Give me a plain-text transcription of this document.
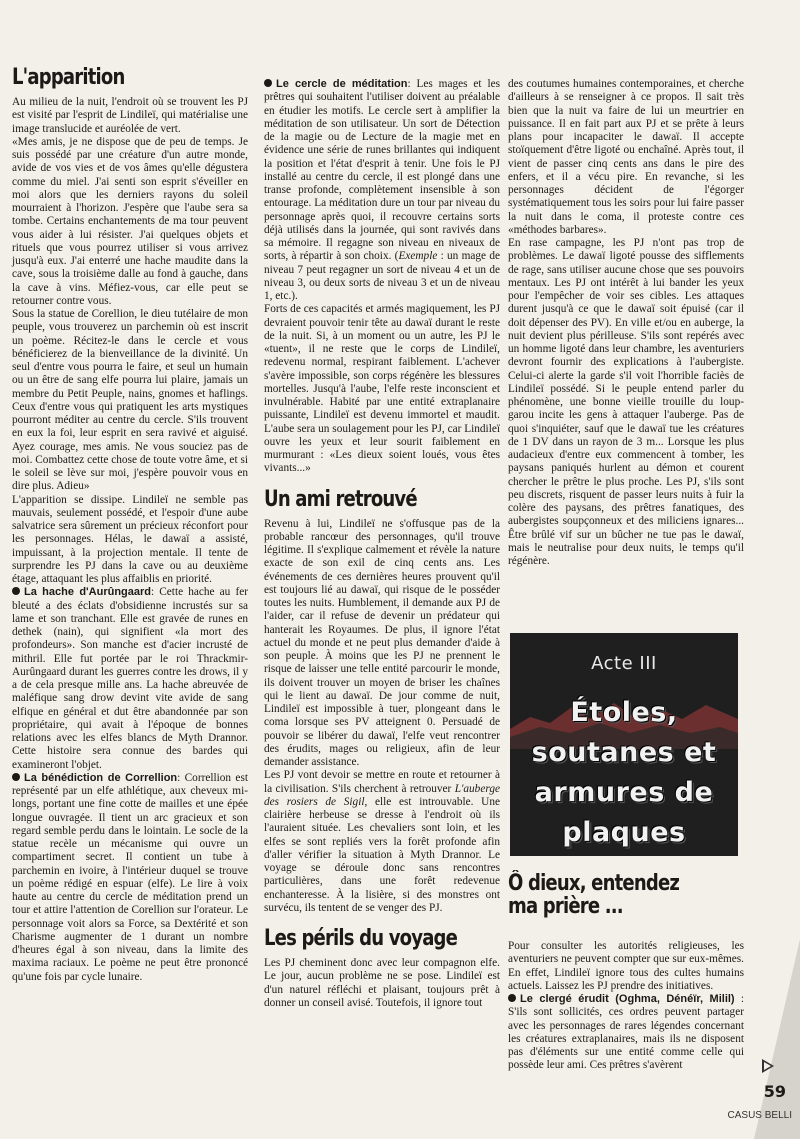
L'apparition

Au milieu de la nuit, l'endroit où se trouvent les PJ est visité par l'esprit de Lindileï, qui matérialise une image translucide et auréolée de vert.

«Mes amis, je ne dispose que de peu de temps. Je suis possédé par une créature d'un autre monde, avide de vos vies et de vos âmes qu'elle dégustera comme du miel. J'ai senti son esprit s'éveiller en moi alors que les derniers rayons du soleil mourraient à l'horizon. J'espère que l'aube sera sa tombe. Certains enchantements de ma tour peuvent vous aider à lui résister. J'ai quelques objets et rituels que vous pourrez utiliser si vous arrivez jusqu'à eux. J'ai enterré une hache maudite dans la cave, sous la troisième dalle au fond à gauche, dans la cave à vins. Méfiez-vous, car elle peut se retourner contre vous.

Sous la statue de Corellion, le dieu tutélaire de mon peuple, vous trouverez un parchemin où est inscrit un poème. Récitez-le dans le cercle et vous bénéficierez de la bienveillance de la divinité. Un seul d'entre vous pourra le faire, et seul un humain ou un être de sang elfe pourra lui plaire, jamais un membre du Petit Peuple, nains, gnomes et haflings. Ceux d'entre vous qui pratiquent les arts mystiques pourront méditer au centre du cercle. S'ils trouvent en eux la foi, leur esprit en sera ravivé et aiguisé. Ayez courage, mes amis. Ne vous souciez pas de moi. Combattez cette chose de toute votre âme, et si le soleil se lève sur moi, j'espère pouvoir vous en dire plus. Adieu»

L'apparition se dissipe. Lindileï ne semble pas mauvais, seulement possédé, et l'espoir d'une aube salvatrice sera sûrement un précieux réconfort pour les personnages. Hélas, le dawaï a assisté, impuissant, à la projection mentale. Il tente de surprendre les PJ dans la cave ou au deuxième étage, attaquant les plus affaiblis en priorité.

La hache d'Aurûngaard: Cette hache au fer bleuté a des éclats d'obsidienne incrustés sur sa lame et son tranchant. Elle est gravée de runes en dethek (nain), qui signifient «la mort des profondeurs». Son manche est d'acier incrusté de mithril. Elle fut portée par le roi Thrackmir-Aurûngaard durant les guerres contre les drows, il y a de cela presque mille ans. La hache abreuvée de maléfique sang drow devint vite avide de sang elfique en général et dut être abandonnée par son propriétaire, qui avait à l'époque de bonnes relations avec les elfes blancs de Myth Drannor. Cette histoire sera connue des bardes qui examineront l'objet.

La bénédiction de Correllion: Correllion est représenté par un elfe athlétique, aux cheveux mi-longs, portant une fine cotte de mailles et une épée longue ouvragée. Il tient un arc gracieux et son regard semble perdu dans le lointain. Le socle de la statue recèle un mécanisme qui ouvre un compartiment secret. Il contient un tube à parchemin en ivoire, à l'intérieur duquel se trouve un poème rédigé en espuar (elfe). Le lire à voix haute au centre du cercle de méditation prend un tour et attire l'attention de Corellion sur l'orateur. Le personnage voit alors sa Force, sa Dextérité et son Charisme augmenter de 1 durant un nombre d'heures égal à son niveau, dans la limite des maxima raciaux. Le poème ne peut être prononcé qu'une fois par cycle lunaire.

Le cercle de méditation: Les mages et les prêtres qui souhaitent l'utiliser doivent au préalable en étudier les motifs. Le cercle sert à amplifier la méditation de son utilisateur. Un sort de Détection de la magie ou de Lecture de la magie met en évidence une série de runes brillantes qui indiquent la position et l'état d'esprit à tenir. Une fois le PJ installé au centre du cercle, il est plongé dans une transe profonde, complètement insensible à son entourage. La méditation dure un tour par niveau du personnage après quoi, il recouvre certains sorts déjà utilisés dans la journée, qui sont ravivés dans sa mémoire. Il regagne son niveau en niveaux de sorts, à répartir à son choix. (Exemple : un mage de niveau 7 peut regagner un sort de niveau 4 et un de niveau 3, ou deux sorts de niveau 3 et un de niveau 1, etc.).

Forts de ces capacités et armés magiquement, les PJ devraient pouvoir tenir tête au dawaï durant le reste de la nuit. Si, à un moment ou un autre, les PJ le «tuent», il ne reste que le corps de Lindileï, redevenu normal, respirant faiblement. L'achever s'avère impossible, son corps régénère les blessures mortelles. Jusqu'à l'aube, l'elfe reste inconscient et invulnérable. Habité par une entité extraplanaire puissante, Lindileï est devenu immortel et maudit. L'aube sera un soulagement pour les PJ, car Lindileï ouvre les yeux et leur sourit faiblement en murmurant : «Les dieux soient loués, vous êtes vivants...»

Un ami retrouvé

Revenu à lui, Lindileï ne s'offusque pas de la probable rancœur des personnages, qu'il trouve légitime. Il s'explique calmement et révèle la nature exacte de son exil de cinq cents ans. Les événements de ces dernières heures prouvent qu'il est toujours lié au dawaï, qui risque de le posséder toutes les nuits. Humblement, il demande aux PJ de l'aider, car il refuse de devenir un prédateur qui hanterait les Royaumes. De plus, il ignore l'état actuel du monde et ne peut plus demander d'aide à son peuple. À moins que les PJ ne prennent le risque de laisser une telle entité parcourir le monde, ils doivent trouver un moyen de briser les chaînes qui le lient au dawaï. De jour comme de nuit, Lindileï est impossible à tuer, plongeant dans le coma lorsque ses PV atteignent 0. Persuadé de pouvoir se libérer du dawaï, l'elfe veut rencontrer des érudits, mages ou religieux, afin de leur demander assistance.

Les PJ vont devoir se mettre en route et retourner à la civilisation. S'ils cherchent à retrouver L'auberge des rosiers de Sigil, elle est introuvable. Une clairière herbeuse se dresse à l'endroit où ils l'auraient située. Les chevaliers sont loin, et les elfes se sont repliés vers la forêt profonde afin d'aller vérifier la situation à Myth Drannor. Le voyage se déroule donc sans rencontres particulières, dans une forêt redevenue enchanteresse. À la lisière, si des monstres ont survécu, ils tentent de se venger des PJ.

Les périls du voyage

Les PJ cheminent donc avec leur compagnon elfe. Le jour, aucun problème ne se pose. Lindileï est d'un naturel réfléchi et plaisant, toujours prêt à donner un conseil avisé. Toutefois, il ignore tout

des coutumes humaines contemporaines, et cherche d'ailleurs à se renseigner à ce propos. Il sait très bien que la nuit va faire de lui un meurtrier en puissance. Il en fait part aux PJ et se prête à leurs plans pour incapaciter le dawaï. Il accepte stoïquement d'être ligoté ou enchaîné. Après tout, il vient de passer cinq cents ans dans le pire des enfers, et il a vécu pire. En revanche, si les personnages décident de l'égorger systématiquement tous les soirs pour lui faire passer la nuit dans le coma, il proteste contre ces «méthodes barbares».

En rase campagne, les PJ n'ont pas trop de problèmes. Le dawaï ligoté pousse des sifflements de rage, sans utiliser aucune chose que ses pouvoirs mentaux. Les PJ ont intérêt à lui bander les yeux pour l'empêcher de voir ses cibles. Les attaques durent jusqu'à ce que le dawaï soit épuisé (car il doit dépenser des PV). En ville et/ou en auberge, la nuit devient plus périlleuse. S'ils sont repérés avec un homme ligoté dans leur chambre, les aventuriers devront fournir des explications à l'aubergiste. Celui-ci alerte la garde s'il voit l'horrible faciès de Lindileï possédé. Si le peuple entend parler du phénomène, une bonne vieille trouille du loup-garou incite les gens à attaquer l'auberge. Pas de quoi s'inquiéter, sauf que le dawaï tue les créatures de 1 DV dans un rayon de 3 m... Lorsque les plus audacieux d'entre eux commencent à tomber, les paysans paniqués hurlent au démon et courent chercher le prêtre le plus proche. Les PJ, s'ils sont peu discrets, risquent de passer leurs nuits à fuir la colère des paysans, des prêtres fanatiques, des aubergistes soupçonneux et des miliciens ignares... Être brûlé vif sur un bûcher ne tue pas le dawaï, mais le neutralise pour deux nuits, le temps qu'il régénère.

Acte III
Étoles, soutanes et armures de plaques
Ô dieux, entendez ma prière ...

Pour consulter les autorités religieuses, les aventuriers ne peuvent compter que sur eux-mêmes. En effet, Lindileï ignore tous des cultes humains actuels. Laissez les PJ prendre des initiatives.

Le clergé érudit (Oghma, Dénéïr, Milil) : S'ils sont sollicités, ces ordres peuvent partager avec les personnages de rares légendes concernant les créatures extraplanaires, mais ils ne disposent pas d'éléments sur une entité comme celle qui possède leur ami. Ces prêtres s'avèrent

59
CASUS BELLI
